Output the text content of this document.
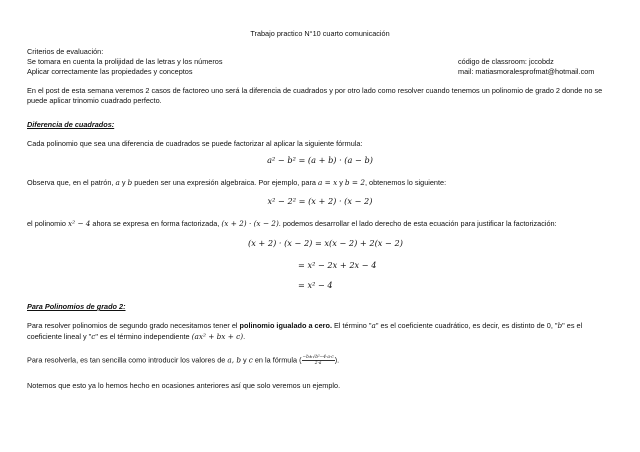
Trabajo practico N°10 cuarto comunicación
Criterios de evaluación:
Se tomara en cuenta la prolijidad de las letras y los números
Aplicar correctamente las propiedades y conceptos
código de classroom: jccobdz
mail: matiasmoralesprofmat@hotmail.com
En el post de esta semana veremos 2 casos de factoreo uno será la diferencia de cuadrados y por otro lado como resolver cuando tenemos un polinomio de grado 2 donde no se puede aplicar trinomio cuadrado perfecto.
Diferencia de cuadrados:
Cada polinomio que sea una diferencia de cuadrados se puede factorizar al aplicar la siguiente fórmula:
a² − b² = (a + b) · (a − b)
Observa que, en el patrón, a y b pueden ser una expresión algebraica. Por ejemplo, para a = x y b = 2, obtenemos lo siguiente:
x² − 2² = (x + 2) · (x − 2)
el polinomio x² − 4 ahora se expresa en forma factorizada, (x + 2) · (x − 2). podemos desarrollar el lado derecho de esta ecuación para justificar la factorización:
(x + 2) · (x − 2) = x(x − 2) + 2(x − 2)
= x² − 2x + 2x − 4
= x² − 4
Para Polinomios de grado 2:
Para resolver polinomios de segundo grado necesitamos tener el polinomio igualado a cero. El término "a" es el coeficiente cuadrático, es decir, es distinto de 0, "b" es el
coeficiente lineal y "c" es el término independiente (ax² + bx + c).
Para resolverla, es tan sencilla como introducir los valores de a, b y c en la fórmula ( $\frac{\text{−b±√b²−4·a·c}}{2\cdot a}$ ).
Notemos que esto ya lo hemos hecho en ocasiones anteriores así que solo veremos un ejemplo.
